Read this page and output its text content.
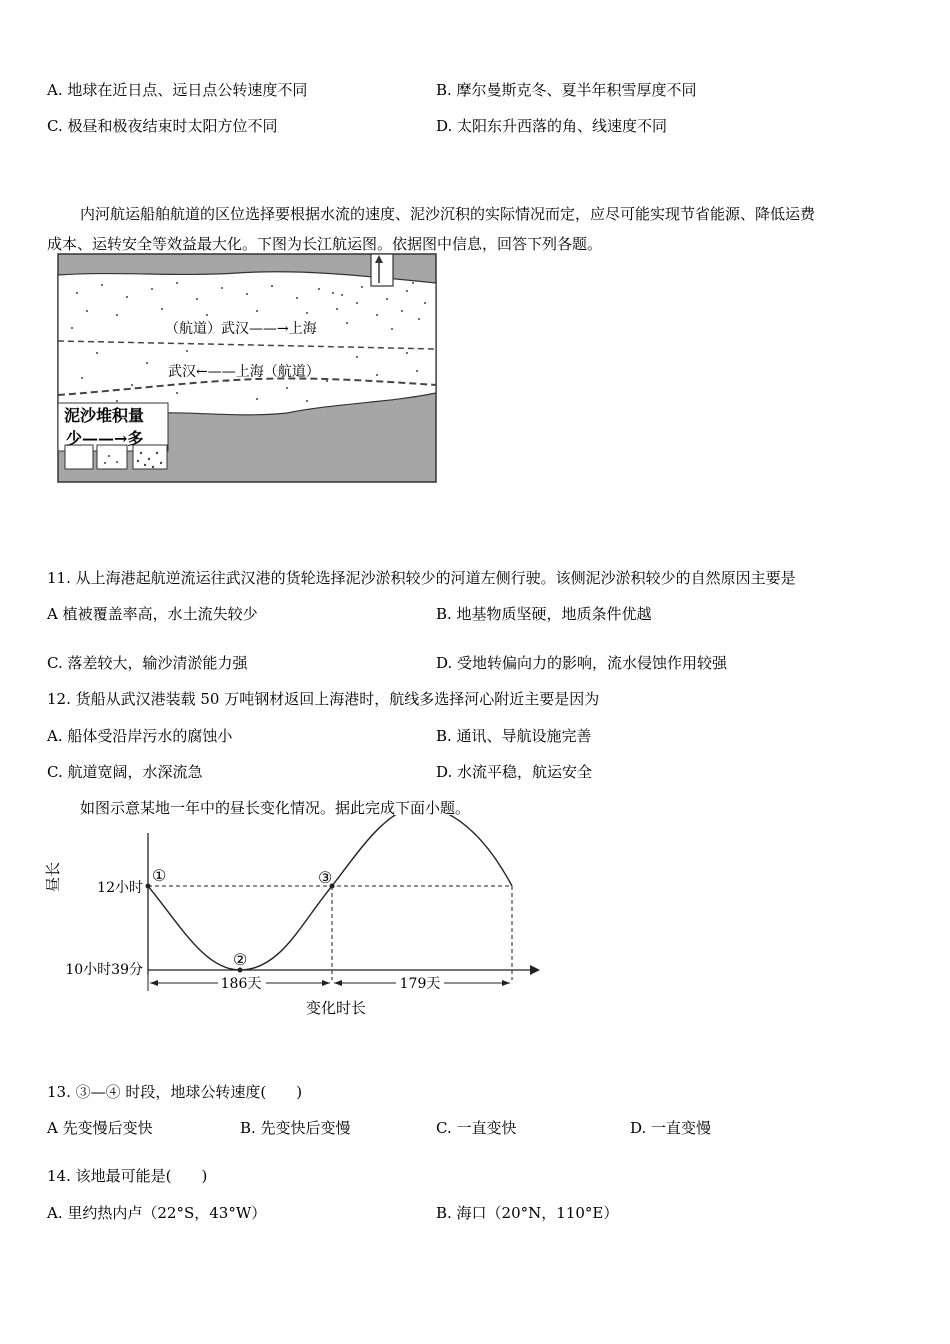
A. 地球在近日点、远日点公转速度不同	B. 摩尔曼斯克冬、夏半年积雪厚度不同
C. 极昼和极夜结束时太阳方位不同	D. 太阳东升西落的角、线速度不同
内河航运船舶航道的区位选择要根据水流的速度、泥沙沉积的实际情况而定，应尽可能实现节省能源、降低运费
成本、运转安全等效益最大化。下图为长江航运图。依据图中信息，回答下列各题。
（航道）武汉——→上海
武汉←——上海（航道）
泥沙堆积量
少——→多
11. 从上海港起航逆流运往武汉港的货轮选择泥沙淤积较少的河道左侧行驶。该侧泥沙淤积较少的自然原因主要是
A 植被覆盖率高，水土流失较少	B. 地基物质坚硬，地质条件优越
C. 落差较大，输沙清淤能力强	D. 受地转偏向力的影响，流水侵蚀作用较强
12. 货船从武汉港装载 50 万吨钢材返回上海港时，航线多选择河心附近主要是因为
A. 船体受沿岸污水的腐蚀小	B. 通讯、导航设施完善
C. 航道宽阔，水深流急	D. 水流平稳，航运安全
如图示意某地一年中的昼长变化情况。据此完成下面小题。
①
②
③
昼长	12小时
10小时39分
186天	179天
变化时长
13. ③—④ 时段，地球公转速度(　　)
A 先变慢后变快	B. 先变快后变慢	C. 一直变快	D. 一直变慢
14. 该地最可能是(　　)
A. 里约热内卢（22°S，43°W）	B. 海口（20°N，110°E）
